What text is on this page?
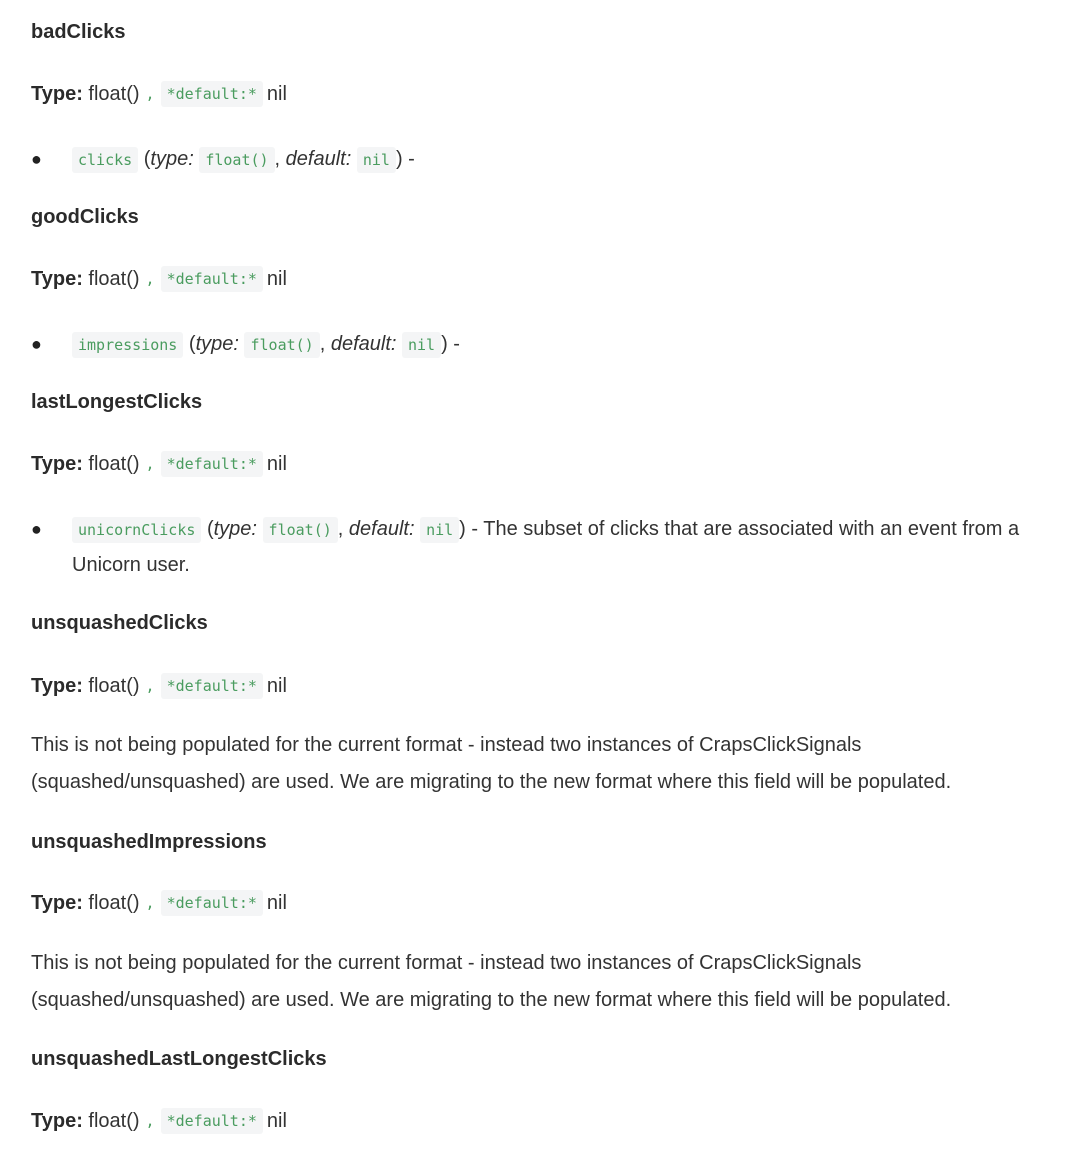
badClicks
Type:
float() , *default:* nil
●	clicks (type: float() , default: nil ) -
goodClicks
Type:
float() , *default:* nil
●	impressions (type: float() , default: nil ) -
lastLongestClicks
Type:
float() , *default:* nil
●	unicornClicks (type: float() , default: nil ) - The subset of clicks that are associated with an event from a Unicorn user.
unsquashedClicks
Type:
float() , *default:* nil
This is not being populated for the current format - instead two instances of CrapsClickSignals (squashed/unsquashed) are used. We are migrating to the new format where this field will be populated.
unsquashedImpressions
Type:
float() , *default:* nil
This is not being populated for the current format - instead two instances of CrapsClickSignals (squashed/unsquashed) are used. We are migrating to the new format where this field will be populated.
unsquashedLastLongestClicks
Type:
float() , *default:* nil
